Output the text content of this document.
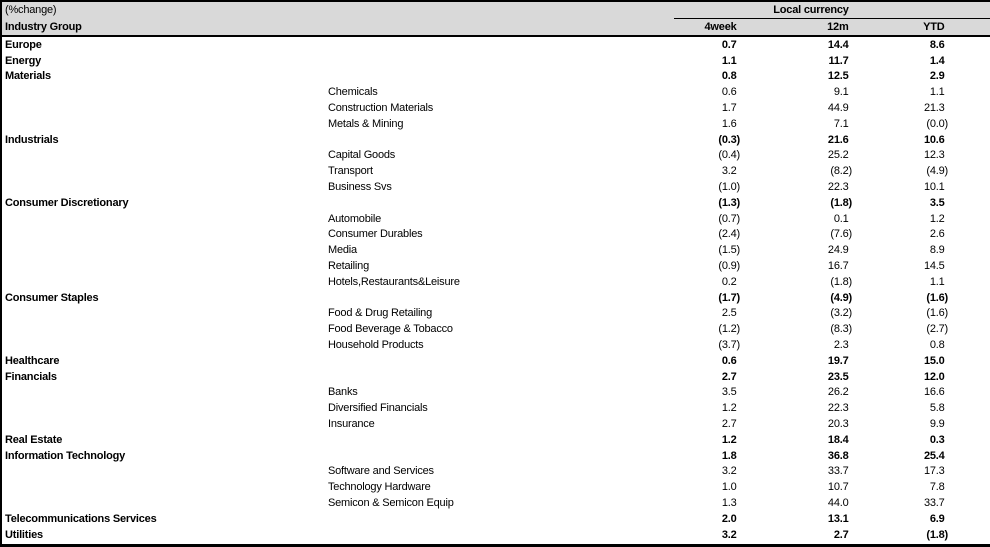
(%change)		Local currency		
Industry Group		4week )	12m )	YTD )
Europe		0.7 )	14.4 )	8.6 )
Energy		1.1 )	11.7 )	1.4 )
Materials		0.8 )	12.5 )	2.9 )
	Chemicals	0.6 )	9.1 )	1.1 )
	Construction Materials	1.7 )	44.9 )	21.3 )
	Metals & Mining	1.6 )	7.1 )	(0.0)
Industrials		(0.3)	21.6 )	10.6 )
	Capital Goods	(0.4)	25.2 )	12.3 )
	Transport	3.2 )	(8.2)	(4.9)
	Business Svs	(1.0)	22.3 )	10.1 )
Consumer Discretionary		(1.3)	(1.8)	3.5 )
	Automobile	(0.7)	0.1 )	1.2 )
	Consumer Durables	(2.4)	(7.6)	2.6 )
	Media	(1.5)	24.9 )	8.9 )
	Retailing	(0.9)	16.7 )	14.5 )
	Hotels,Restaurants&Leisure	0.2 )	(1.8)	1.1 )
Consumer Staples		(1.7)	(4.9)	(1.6)
	Food & Drug Retailing	2.5 )	(3.2)	(1.6)
	Food Beverage & Tobacco	(1.2)	(8.3)	(2.7)
	Household Products	(3.7)	2.3 )	0.8 )
Healthcare		0.6 )	19.7 )	15.0 )
Financials		2.7 )	23.5 )	12.0 )
	Banks	3.5 )	26.2 )	16.6 )
	Diversified Financials	1.2 )	22.3 )	5.8 )
	Insurance	2.7 )	20.3 )	9.9 )
Real Estate		1.2 )	18.4 )	0.3 )
Information Technology		1.8 )	36.8 )	25.4 )
	Software and Services	3.2 )	33.7 )	17.3 )
	Technology Hardware	1.0 )	10.7 )	7.8 )
	Semicon & Semicon Equip	1.3 )	44.0 )	33.7 )
Telecommunications Services		2.0 )	13.1 )	6.9 )
Utilities		3.2 )	2.7 )	(1.8)
